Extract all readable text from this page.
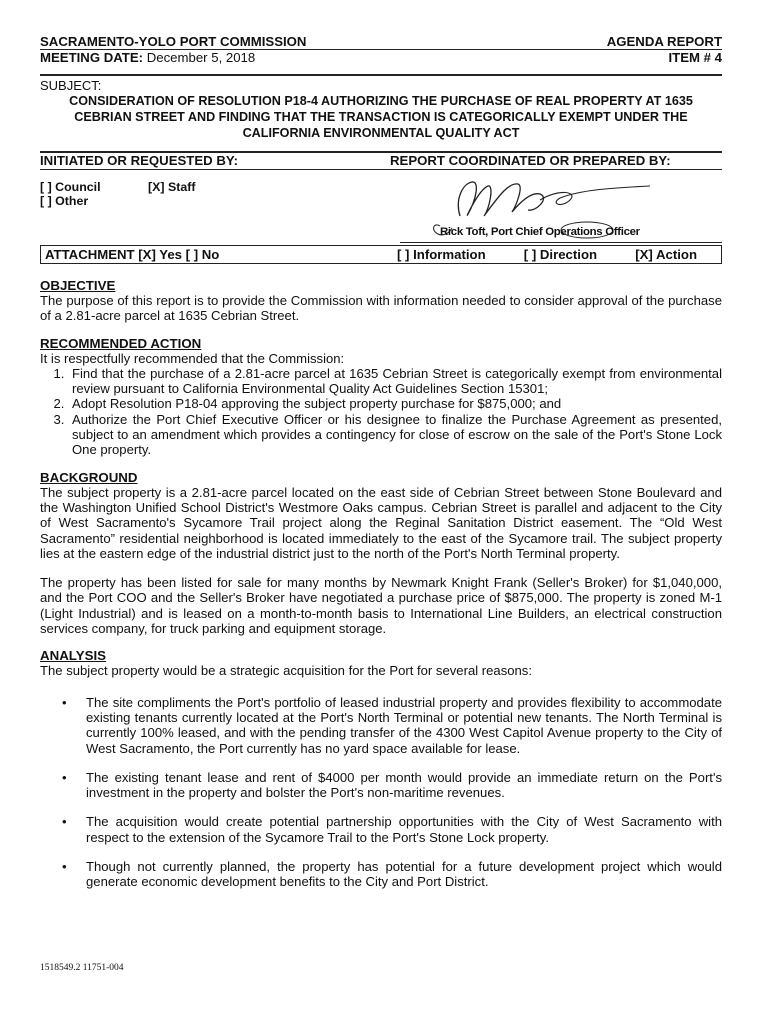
SACRAMENTO-YOLO PORT COMMISSION	AGENDA REPORT
MEETING DATE: December 5, 2018	ITEM # 4
SUBJECT:
CONSIDERATION OF RESOLUTION P18-4 AUTHORIZING THE PURCHASE OF REAL PROPERTY AT 1635 CEBRIAN STREET AND FINDING THAT THE TRANSACTION IS CATEGORICALLY EXEMPT UNDER THE CALIFORNIA ENVIRONMENTAL QUALITY ACT
INITIATED OR REQUESTED BY:	REPORT COORDINATED OR PREPARED BY:
[ ] Council
[ ] Other
[X] Staff
Rick Toft, Port Chief Operations Officer
ATTACHMENT [X] Yes [ ] No	[ ] Information	[ ] Direction	[X] Action
OBJECTIVE

The purpose of this report is to provide the Commission with information needed to consider approval of the purchase of a 2.81-acre parcel at 1635 Cebrian Street.

RECOMMENDED ACTION

It is respectfully recommended that the Commission:

1. Find that the purchase of a 2.81-acre parcel at 1635 Cebrian Street is categorically exempt from environmental review pursuant to California Environmental Quality Act Guidelines Section 15301;
2. Adopt Resolution P18-04 approving the subject property purchase for $875,000; and
3. Authorize the Port Chief Executive Officer or his designee to finalize the Purchase Agreement as presented, subject to an amendment which provides a contingency for close of escrow on the sale of the Port's Stone Lock One property.
BACKGROUND

The subject property is a 2.81-acre parcel located on the east side of Cebrian Street between Stone Boulevard and the Washington Unified School District's Westmore Oaks campus. Cebrian Street is parallel and adjacent to the City of West Sacramento's Sycamore Trail project along the Reginal Sanitation District easement. The “Old West Sacramento” residential neighborhood is located immediately to the east of the Sycamore trail. The subject property lies at the eastern edge of the industrial district just to the north of the Port's North Terminal property.

The property has been listed for sale for many months by Newmark Knight Frank (Seller's Broker) for $1,040,000, and the Port COO and the Seller's Broker have negotiated a purchase price of $875,000. The property is zoned M-1 (Light Industrial) and is leased on a month-to-month basis to International Line Builders, an electrical construction services company, for truck parking and equipment storage.

ANALYSIS

The subject property would be a strategic acquisition for the Port for several reasons:

• The site compliments the Port's portfolio of leased industrial property and provides flexibility to accommodate existing tenants currently located at the Port's North Terminal or potential new tenants. The North Terminal is currently 100% leased, and with the pending transfer of the 4300 West Capitol Avenue property to the City of West Sacramento, the Port currently has no yard space available for lease.
• The existing tenant lease and rent of $4000 per month would provide an immediate return on the Port's investment in the property and bolster the Port's non-maritime revenues.
• The acquisition would create potential partnership opportunities with the City of West Sacramento with respect to the extension of the Sycamore Trail to the Port's Stone Lock property.
• Though not currently planned, the property has potential for a future development project which would generate economic development benefits to the City and Port District.
1518549.2 11751-004
